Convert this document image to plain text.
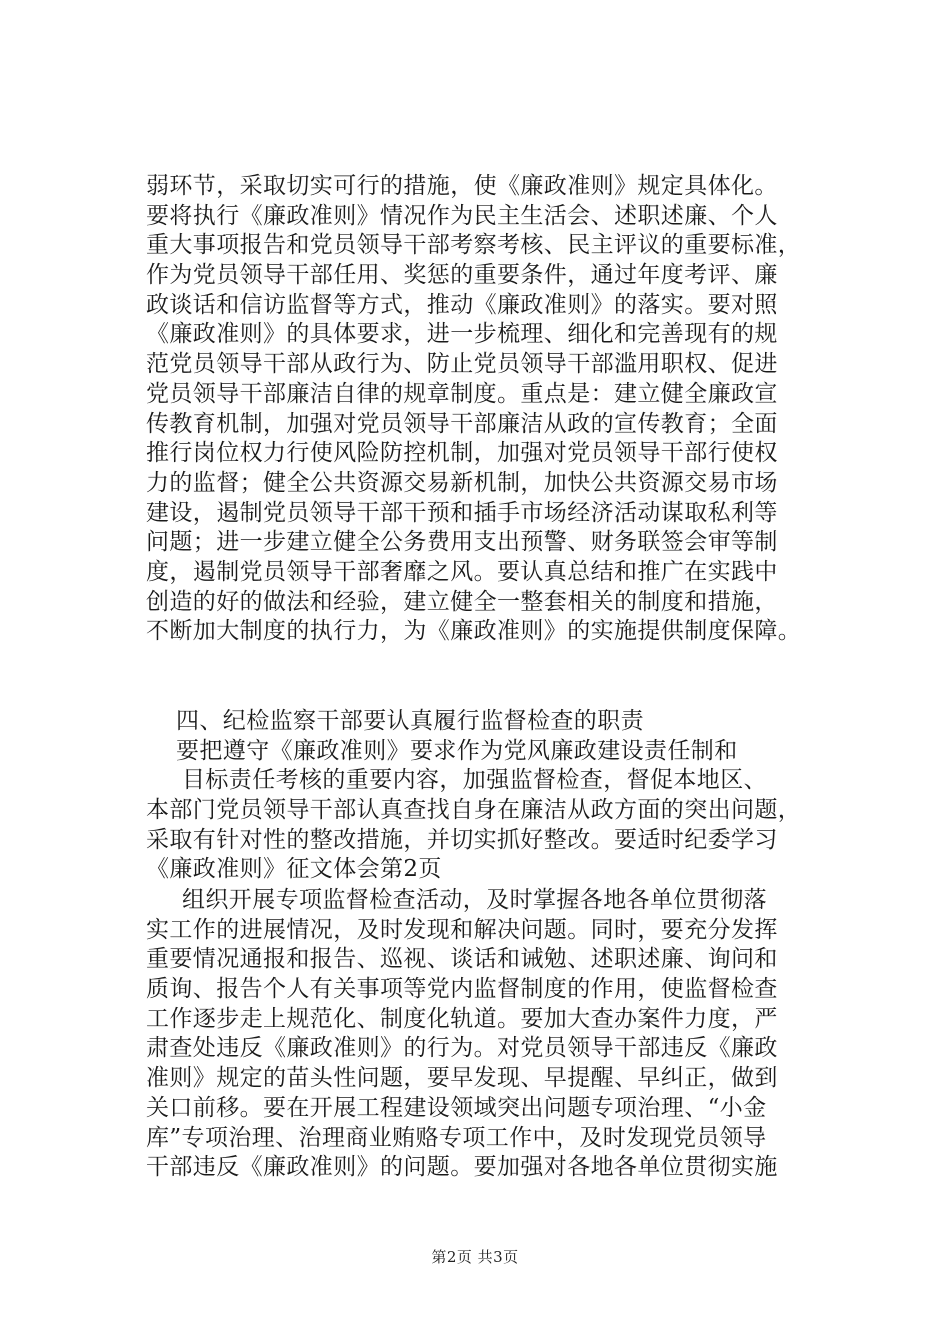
弱环节，采取切实可行的措施，使《廉政准则》规定具体化。
要将执行《廉政准则》情况作为民主生活会、述职述廉、个人
重大事项报告和党员领导干部考察考核、民主评议的重要标准，
作为党员领导干部任用、奖惩的重要条件，通过年度考评、廉
政谈话和信访监督等方式，推动《廉政准则》的落实。要对照
《廉政准则》的具体要求，进一步梳理、细化和完善现有的规
范党员领导干部从政行为、防止党员领导干部滥用职权、促进
党员领导干部廉洁自律的规章制度。重点是：建立健全廉政宣
传教育机制，加强对党员领导干部廉洁从政的宣传教育；全面
推行岗位权力行使风险防控机制，加强对党员领导干部行使权
力的监督；健全公共资源交易新机制，加快公共资源交易市场
建设，遏制党员领导干部干预和插手市场经济活动谋取私利等
问题；进一步建立健全公务费用支出预警、财务联签会审等制
度，遏制党员领导干部奢靡之风。要认真总结和推广在实践中
创造的好的做法和经验，建立健全一整套相关的制度和措施，
不断加大制度的执行力，为《廉政准则》的实施提供制度保障。
四、纪检监察干部要认真履行监督检查的职责
要把遵守《廉政准则》要求作为党风廉政建设责任制和
目标责任考核的重要内容，加强监督检查，督促本地区、
本部门党员领导干部认真查找自身在廉洁从政方面的突出问题，
采取有针对性的整改措施，并切实抓好整改。要适时纪委学习
《廉政准则》征文体会第2页
组织开展专项监督检查活动，及时掌握各地各单位贯彻落
实工作的进展情况，及时发现和解决问题。同时，要充分发挥
重要情况通报和报告、巡视、谈话和诫勉、述职述廉、询问和
质询、报告个人有关事项等党内监督制度的作用，使监督检查
工作逐步走上规范化、制度化轨道。要加大查办案件力度，严
肃查处违反《廉政准则》的行为。对党员领导干部违反《廉政
准则》规定的苗头性问题，要早发现、早提醒、早纠正，做到
关口前移。要在开展工程建设领域突出问题专项治理、“小金
库”专项治理、治理商业贿赂专项工作中，及时发现党员领导
干部违反《廉政准则》的问题。要加强对各地各单位贯彻实施
第2页 共3页
